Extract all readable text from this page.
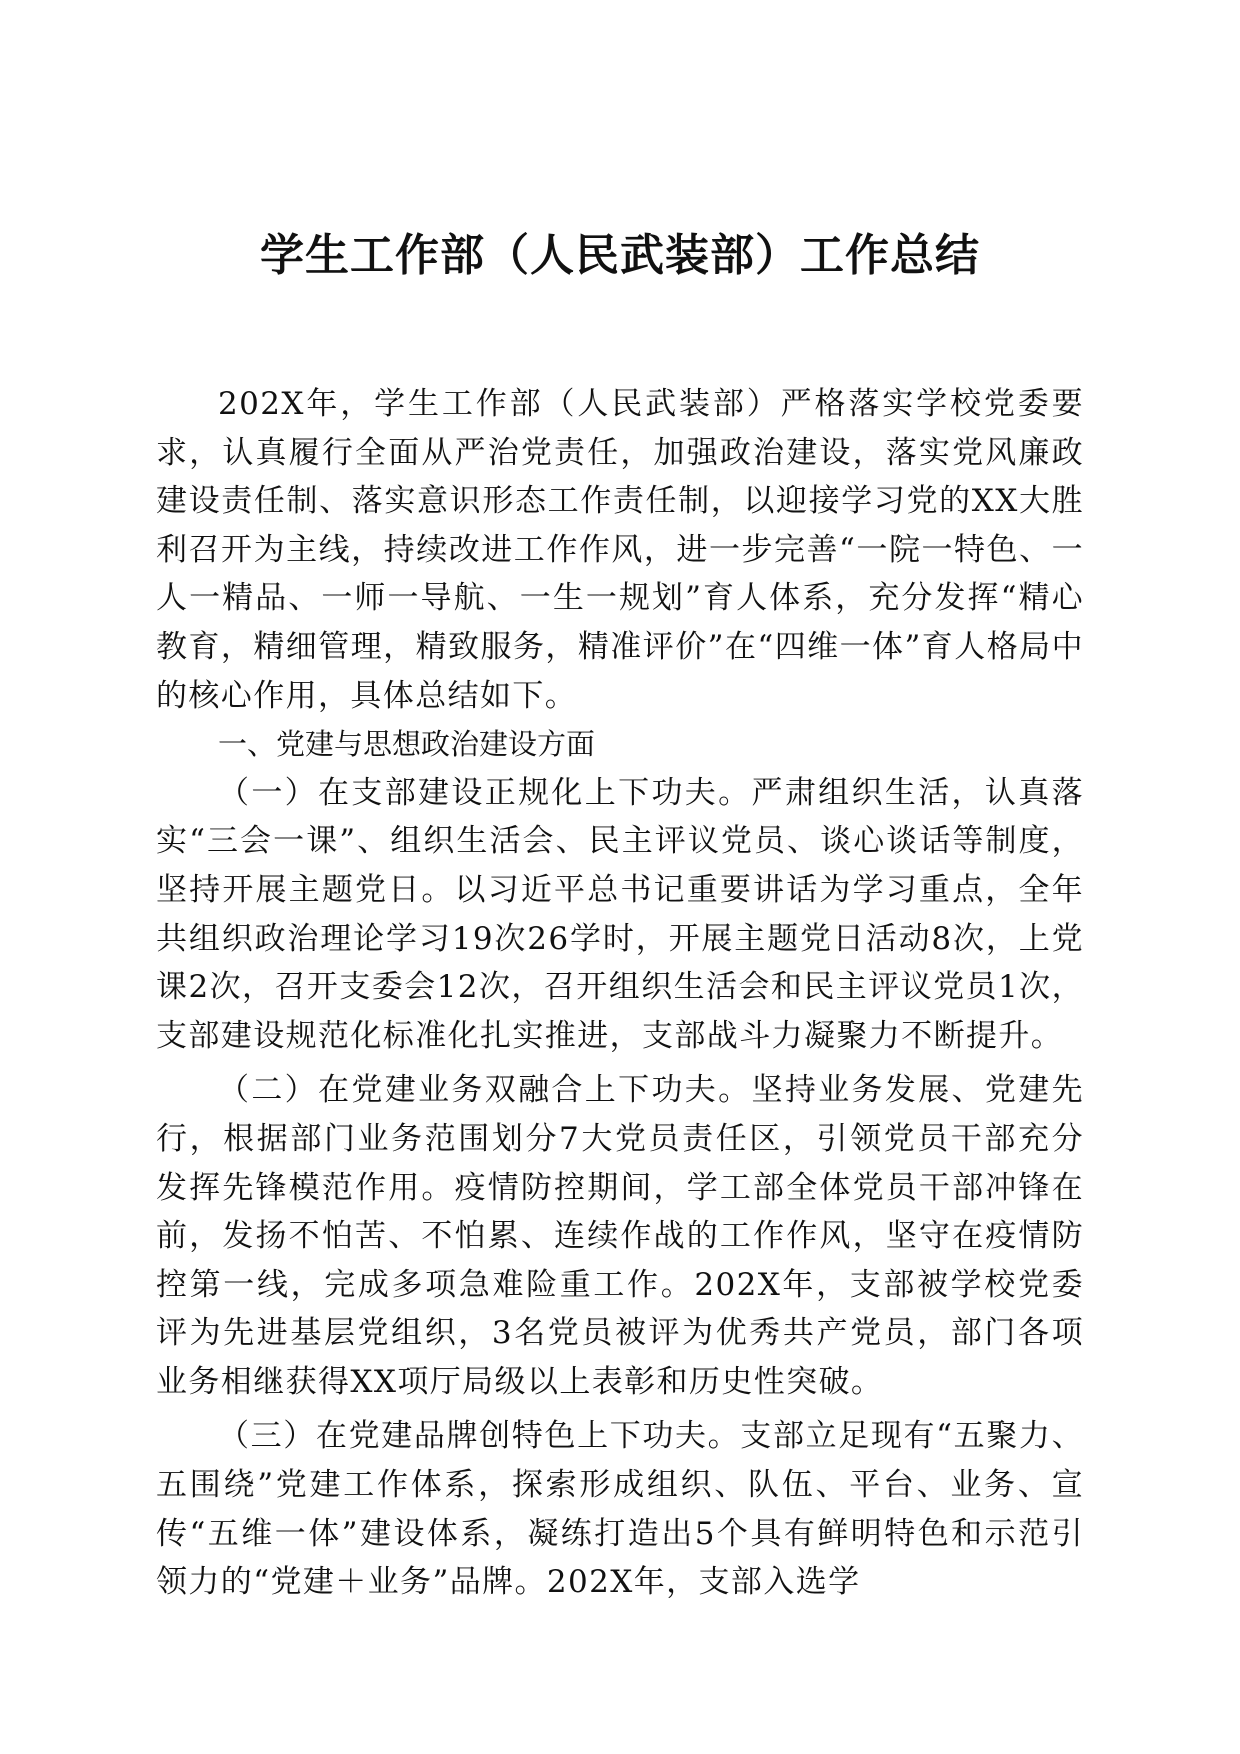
学生工作部（人民武装部）工作总结

202X年，学生工作部（人民武装部）严格落实学校党委要求，认真履行全面从严治党责任，加强政治建设，落实党风廉政建设责任制、落实意识形态工作责任制，以迎接学习党的XX大胜利召开为主线，持续改进工作作风，进一步完善“一院一特色、一人一精品、一师一导航、一生一规划”育人体系，充分发挥“精心教育，精细管理，精致服务，精准评价”在“四维一体”育人格局中的核心作用，具体总结如下。

一、党建与思想政治建设方面

（一）在支部建设正规化上下功夫。严肃组织生活，认真落实“三会一课”、组织生活会、民主评议党员、谈心谈话等制度，坚持开展主题党日。以习近平总书记重要讲话为学习重点，全年共组织政治理论学习19次26学时，开展主题党日活动8次，上党课2次，召开支委会12次，召开组织生活会和民主评议党员1次，支部建设规范化标准化扎实推进，支部战斗力凝聚力不断提升。

（二）在党建业务双融合上下功夫。坚持业务发展、党建先行，根据部门业务范围划分7大党员责任区，引领党员干部充分发挥先锋模范作用。疫情防控期间，学工部全体党员干部冲锋在前，发扬不怕苦、不怕累、连续作战的工作作风，坚守在疫情防控第一线，完成多项急难险重工作。202X年，支部被学校党委评为先进基层党组织，3名党员被评为优秀共产党员，部门各项业务相继获得XX项厅局级以上表彰和历史性突破。

（三）在党建品牌创特色上下功夫。支部立足现有“五聚力、五围绕”党建工作体系，探索形成组织、队伍、平台、业务、宣传“五维一体”建设体系，凝练打造出5个具有鲜明特色和示范引领力的“党建＋业务”品牌。202X年，支部入选学
